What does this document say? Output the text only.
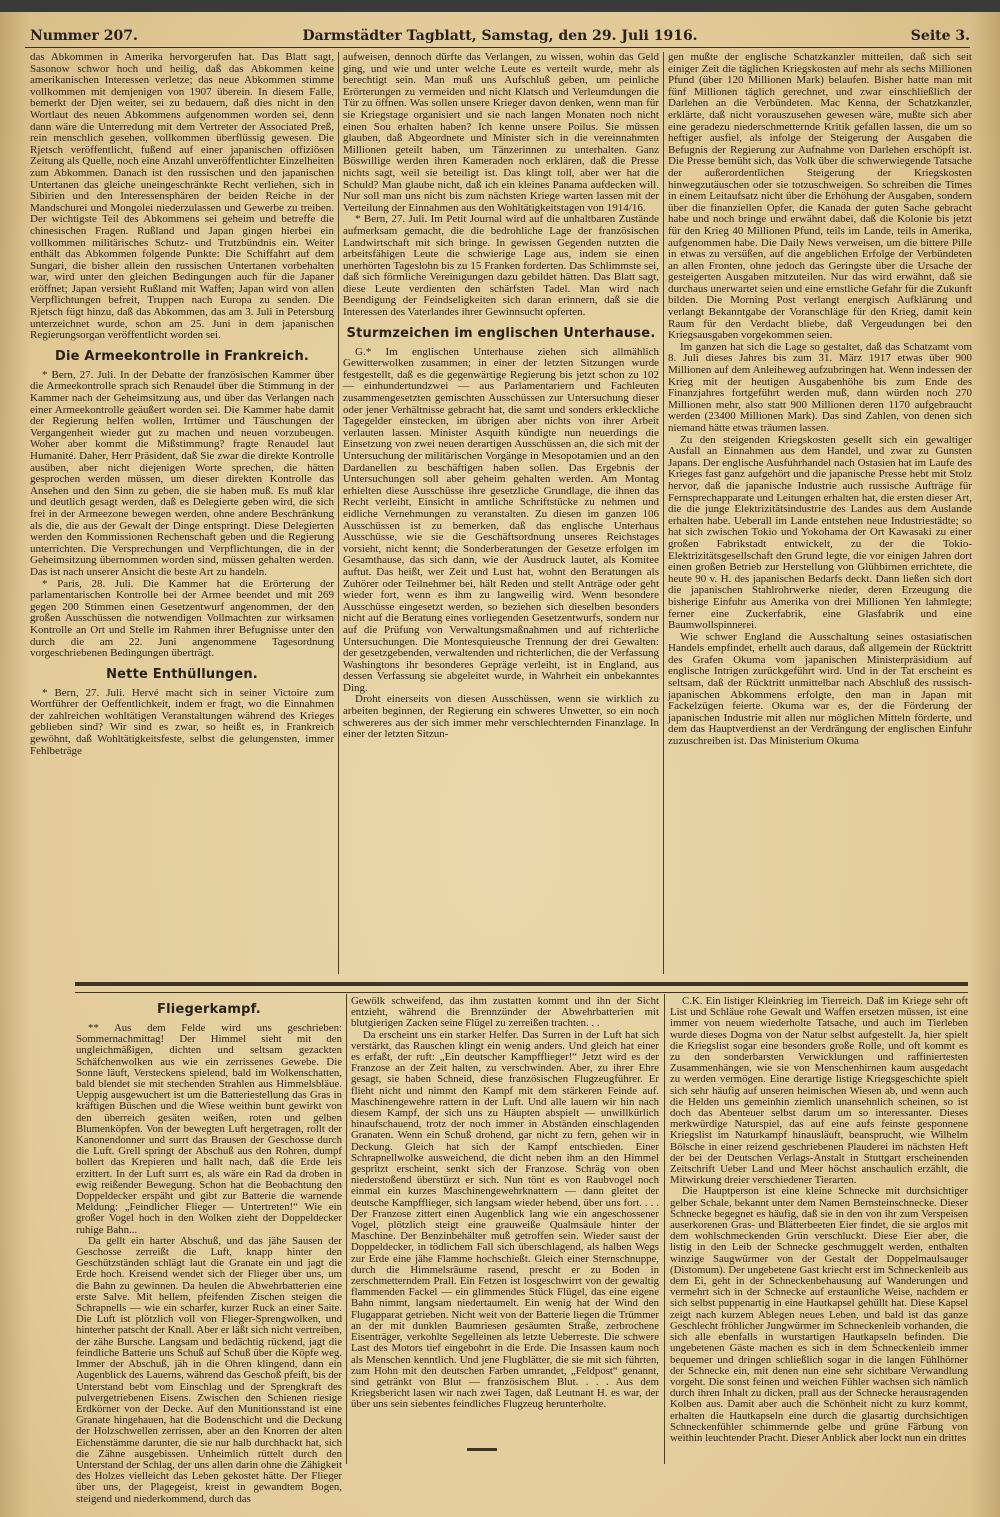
Nummer 207.	Darmstädter Tagblatt, Samstag, den 29. Juli 1916.	Seite 3.

das Abkommen in Amerika hervorgerufen hat. Das Blatt sagt, Sasonow schwor hoch und heilig, daß das Abkommen keine amerikanischen Interessen verletze; das neue Abkommen stimme vollkommen mit demjenigen von 1907 überein. In diesem Falle, bemerkt der Djen weiter, sei zu bedauern, daß dies nicht in den Wortlaut des neuen Abkommens aufgenommen worden sei, denn dann wäre die Unterredung mit dem Vertreter der Associated Preß, rein menschlich gesehen, vollkommen überflüssig gewesen. Die Rjetsch veröffentlicht, fußend auf einer japanischen offiziösen Zeitung als Quelle, noch eine Anzahl unveröffentlichter Einzelheiten zum Abkommen. Danach ist den russischen und den japanischen Untertanen das gleiche uneingeschränkte Recht verliehen, sich in Sibirien und den Interessensphären der beiden Reiche in der Mandschurei und Mongolei niederzulassen und Gewerbe zu treiben. Der wichtigste Teil des Abkommens sei geheim und betreffe die chinesischen Fragen. Rußland und Japan gingen hierbei ein vollkommen militärisches Schutz- und Trutzbündnis ein. Weiter enthält das Abkommen folgende Punkte: Die Schiffahrt auf dem Sungari, die bisher allein den russischen Untertanen vorbehalten war, wird unter den gleichen Bedingungen auch für die Japaner eröffnet; Japan versieht Rußland mit Waffen; Japan wird von allen Verpflichtungen befreit, Truppen nach Europa zu senden. Die Rjetsch fügt hinzu, daß das Abkommen, das am 3. Juli in Petersburg unterzeichnet wurde, schon am 25. Juni in dem japanischen Regierungsorgan veröffentlicht worden sei.

Die Armeekontrolle in Frankreich.

* Bern, 27. Juli. In der Debatte der französischen Kammer über die Armeekontrolle sprach sich Renaudel über die Stimmung in der Kammer nach der Geheimsitzung aus, und über das Verlangen nach einer Armeekontrolle geäußert worden sei. Die Kammer habe damit der Regierung helfen wollen, Irrtümer und Täuschungen der Vergangenheit wieder gut zu machen und neuen vorzubeugen. Woher aber kommt die Mißstimmung? fragte Renaudel laut Humanité. Daher, Herr Präsident, daß Sie zwar die direkte Kontrolle ausüben, aber nicht diejenigen Worte sprechen, die hätten gesprochen werden müssen, um dieser direkten Kontrolle das Ansehen und den Sinn zu geben, die sie haben muß. Es muß klar und deutlich gesagt werden, daß es Delegierte geben wird, die sich frei in der Armeezone bewegen werden, ohne andere Beschränkung als die, die aus der Gewalt der Dinge entspringt. Diese Delegierten werden den Kommissionen Rechenschaft geben und die Regierung unterrichten. Die Versprechungen und Verpflichtungen, die in der Geheimsitzung übernommen worden sind, müssen gehalten werden. Das ist nach unserer Ansicht die beste Art zu handeln.

* Paris, 28. Juli. Die Kammer hat die Erörterung der parlamentarischen Kontrolle bei der Armee beendet und mit 269 gegen 200 Stimmen einen Gesetzentwurf angenommen, der den großen Ausschüssen die notwendigen Vollmachten zur wirksamen Kontrolle an Ort und Stelle im Rahmen ihrer Befugnisse unter den durch die am 22. Juni angenommene Tagesordnung vorgeschriebenen Bedingungen überträgt.

Nette Enthüllungen.

* Bern, 27. Juli. Hervé macht sich in seiner Victoire zum Wortführer der Oeffentlichkeit, indem er fragt, wo die Einnahmen der zahlreichen wohltätigen Veranstaltungen während des Krieges geblieben sind? Wir sind es zwar, so heißt es, in Frankreich gewöhnt, daß Wohltätigkeitsfeste, selbst die gelungensten, immer Fehlbeträge

aufweisen, dennoch dürfte das Verlangen, zu wissen, wohin das Geld ging, und wie und unter welche Leute es verteilt wurde, mehr als berechtigt sein. Man muß uns Aufschluß geben, um peinliche Erörterungen zu vermeiden und nicht Klatsch und Verleumdungen die Tür zu öffnen. Was sollen unsere Krieger davon denken, wenn man für sie Kriegstage organisiert und sie nach langen Monaten noch nicht einen Sou erhalten haben? Ich kenne unsere Poilus. Sie müssen glauben, daß Abgeordnete und Minister sich in die vereinnahmten Millionen geteilt haben, um Tänzerinnen zu unterhalten. Ganz Böswillige werden ihren Kameraden noch erklären, daß die Presse nichts sagt, weil sie beteiligt ist. Das klingt toll, aber wer hat die Schuld? Man glaube nicht, daß ich ein kleines Panama aufdecken will. Nur soll man uns nicht bis zum nächsten Kriege warten lassen mit der Verteilung der Einnahmen aus den Wohltätigkeitstagen von 1914/16.

* Bern, 27. Juli. Im Petit Journal wird auf die unhaltbaren Zustände aufmerksam gemacht, die die bedrohliche Lage der französischen Landwirtschaft mit sich bringe. In gewissen Gegenden nutzten die arbeitsfähigen Leute die schwierige Lage aus, indem sie einen unerhörten Tageslohn bis zu 15 Franken forderten. Das Schlimmste sei, daß sich förmliche Vereinigungen dazu gebildet hätten. Das Blatt sagt, diese Leute verdienten den schärfsten Tadel. Man wird nach Beendigung der Feindseligkeiten sich daran erinnern, daß sie die Interessen des Vaterlandes ihrer Gewinnsucht opferten.

Sturmzeichen im englischen Unterhause.

G.* Im englischen Unterhause ziehen sich allmählich Gewitterwolken zusammen; in einer der letzten Sitzungen wurde festgestellt, daß es die gegenwärtige Regierung bis jetzt schon zu 102 — einhundertundzwei — aus Parlamentariern und Fachleuten zusammengesetzten gemischten Ausschüssen zur Untersuchung dieser oder jener Verhältnisse gebracht hat, die samt und sonders erkleckliche Tagegelder einstecken, im übrigen aber nichts von ihrer Arbeit verlauten lassen. Minister Asquith kündigte nun neuerdings die Einsetzung von zwei neuen derartigen Ausschüssen an, die sich mit der Untersuchung der militärischen Vorgänge in Mesopotamien und an den Dardanellen zu beschäftigen haben sollen. Das Ergebnis der Untersuchungen soll aber geheim gehalten werden. Am Montag erhielten diese Ausschüsse ihre gesetzliche Grundlage, die ihnen das Recht verleiht, Einsicht in amtliche Schriftstücke zu nehmen und eidliche Vernehmungen zu veranstalten. Zu diesen im ganzen 106 Ausschüssen ist zu bemerken, daß das englische Unterhaus Ausschüsse, wie sie die Geschäftsordnung unseres Reichstages vorsieht, nicht kennt; die Sonderberatungen der Gesetze erfolgen im Gesamthause, das sich dann, wie der Ausdruck lautet, als Komitee auftut. Das heißt, wer Zeit und Lust hat, wohnt den Beratungen als Zuhörer oder Teilnehmer bei, hält Reden und stellt Anträge oder geht wieder fort, wenn es ihm zu langweilig wird. Wenn besondere Ausschüsse eingesetzt werden, so beziehen sich dieselben besonders nicht auf die Beratung eines vorliegenden Gesetzentwurfs, sondern nur auf die Prüfung von Verwaltungsmaßnahmen und auf richterliche Untersuchungen. Die Montesquieusche Trennung der drei Gewalten: der gesetzgebenden, verwaltenden und richterlichen, die der Verfassung Washingtons ihr besonderes Gepräge verleiht, ist in England, aus dessen Verfassung sie abgeleitet wurde, in Wahrheit ein unbekanntes Ding.

Droht einerseits von diesen Ausschüssen, wenn sie wirklich zu arbeiten beginnen, der Regierung ein schweres Unwetter, so ein noch schwereres aus der sich immer mehr verschlechternden Finanzlage. In einer der letzten Sitzun-

gen mußte der englische Schatzkanzler mitteilen, daß sich seit einiger Zeit die täglichen Kriegskosten auf mehr als sechs Millionen Pfund (über 120 Millionen Mark) belaufen. Bisher hatte man mit fünf Millionen täglich gerechnet, und zwar einschließlich der Darlehen an die Verbündeten. Mac Kenna, der Schatzkanzler, erklärte, daß nicht vorauszusehen gewesen wäre, mußte sich aber eine geradezu niederschmetternde Kritik gefallen lassen, die um so heftiger ausfiel, als infolge der Steigerung der Ausgaben die Befugnis der Regierung zur Aufnahme von Darlehen erschöpft ist. Die Presse bemüht sich, das Volk über die schwerwiegende Tatsache der außerordentlichen Steigerung der Kriegskosten hinwegzutäuschen oder sie totzuschweigen. So schreiben die Times in einem Leitaufsatz nicht über die Erhöhung der Ausgaben, sondern über die finanziellen Opfer, die Kanada der guten Sache gebracht habe und noch bringe und erwähnt dabei, daß die Kolonie bis jetzt für den Krieg 40 Millionen Pfund, teils im Lande, teils in Amerika, aufgenommen habe. Die Daily News verweisen, um die bittere Pille in etwas zu versüßen, auf die angeblichen Erfolge der Verbündeten an allen Fronten, ohne jedoch das Geringste über die Ursache der gesteigerten Ausgaben mitzuteilen. Nur das wird erwähnt, daß sie durchaus unerwartet seien und eine ernstliche Gefahr für die Zukunft bilden. Die Morning Post verlangt energisch Aufklärung und verlangt Bekanntgabe der Voranschläge für den Krieg, damit kein Raum für den Verdacht bliebe, daß Vergeudungen bei den Kriegsausgaben vorgekommen seien.

Im ganzen hat sich die Lage so gestaltet, daß das Schatzamt vom 8. Juli dieses Jahres bis zum 31. März 1917 etwas über 900 Millionen auf dem Anleiheweg aufzubringen hat. Wenn indessen der Krieg mit der heutigen Ausgabenhöhe bis zum Ende des Finanzjahres fortgeführt werden muß, dann würden noch 270 Millionen mehr, also statt 900 Millionen deren 1170 aufgebraucht werden (23400 Millionen Mark). Das sind Zahlen, von denen sich niemand hätte etwas träumen lassen.

Zu den steigenden Kriegskosten gesellt sich ein gewaltiger Ausfall an Einnahmen aus dem Handel, und zwar zu Gunsten Japans. Der englische Ausfuhrhandel nach Ostasien hat im Laufe des Krieges fast ganz aufgehört und die japanische Presse hebt mit Stolz hervor, daß die japanische Industrie auch russische Aufträge für Fernsprechapparate und Leitungen erhalten hat, die ersten dieser Art, die die junge Elektrizitätsindustrie des Landes aus dem Auslande erhalten habe. Ueberall im Lande entstehen neue Industriestädte; so hat sich zwischen Tokio und Yokohama der Ort Kawasaki zu einer großen Fabrikstadt entwickelt, zu der die Tokio-Elektrizitätsgesellschaft den Grund legte, die vor einigen Jahren dort einen großen Betrieb zur Herstellung von Glühbirnen errichtete, die heute 90 v. H. des japanischen Bedarfs deckt. Dann ließen sich dort die japanischen Stahlrohrwerke nieder, deren Erzeugung die bisherige Einfuhr aus Amerika von drei Millionen Yen lahmlegte; ferner eine Zuckerfabrik, eine Glasfabrik und eine Baumwollspinnerei.

Wie schwer England die Ausschaltung seines ostasiatischen Handels empfindet, erhellt auch daraus, daß allgemein der Rücktritt des Grafen Okuma vom japanischen Ministerpräsidium auf englische Intrigen zurückgeführt wird. Und in der Tat erscheint es seltsam, daß der Rücktritt unmittelbar nach Abschluß des russisch-japanischen Abkommens erfolgte, den man in Japan mit Fackelzügen feierte. Okuma war es, der die Förderung der japanischen Industrie mit allen nur möglichen Mitteln förderte, und dem das Hauptverdienst an der Verdrängung der englischen Einfuhr zuzuschreiben ist. Das Ministerium Okuma

Fliegerkampf.

** Aus dem Felde wird uns geschrieben: Sommernachmittag! Der Himmel sieht mit den ungleichmäßigen, dichten und seltsam gezackten Schäfchenwolken aus wie ein zerrissenes Gewebe. Die Sonne läuft, Versteckens spielend, bald im Wolkenschatten, bald blendet sie mit stechenden Strahlen aus Himmelsbläue. Ueppig ausgewuchert ist um die Batteriestellung das Gras in kräftigen Büschen und die Wiese weithin bunt gewirkt von den überreich gesäten weißen, roten und gelben Blumenköpfen. Von der bewegten Luft hergetragen, rollt der Kanonendonner und surrt das Brausen der Geschosse durch die Luft. Grell springt der Abschuß aus den Rohren, dumpf bollert das Krepieren und hallt nach, daß die Erde leis erzittert. In der Luft surrt es, als wäre ein Rad da droben in ewig reißender Bewegung. Schon hat die Beobachtung den Doppeldecker erspäht und gibt zur Batterie die warnende Meldung: „Feindlicher Flieger — Untertreten!“ Wie ein großer Vogel hoch in den Wolken zieht der Doppeldecker ruhige Bahn...

Da gellt ein harter Abschuß, und das jähe Sausen der Geschosse zerreißt die Luft, knapp hinter den Geschützständen schlägt laut die Granate ein und jagt die Erde hoch. Kreisend wendet sich der Flieger über uns, um die Bahn zu gewinnen. Da heulen die Abwehrbatterien eine erste Salve. Mit hellem, pfeifenden Zischen steigen die Schrapnells — wie ein scharfer, kurzer Ruck an einer Saite. Die Luft ist plötzlich voll von Flieger-Sprengwolken, und hinterher patscht der Knall. Aber er läßt sich nicht vertreiben, der zähe Bursche. Langsam und bedächtig rückend, jagt die feindliche Batterie uns Schuß auf Schuß über die Köpfe weg. Immer der Abschuß, jäh in die Ohren klingend, dann ein Augenblick des Lauerns, während das Geschoß pfeift, bis der Unterstand bebt vom Einschlag und der Sprengkraft des pulvergetriebenen Eisens. Zwischen den Schienen riesige Erdkörner von der Decke. Auf den Munitionsstand ist eine Granate hingehauen, hat die Bodenschicht und die Deckung der Holzschwellen zerrissen, aber an den Knorren der alten Eichenstämme darunter, die sie nur halb durchhackt hat, sich die Zähne ausgebissen. Unheimlich rüttelt durch den Unterstand der Schlag, der uns allen darin ohne die Zähigkeit des Holzes vielleicht das Leben gekostet hätte. Der Flieger über uns, der Plagegeist, kreist in gewandtem Bogen, steigend und niederkommend, durch das

Gewölk schweifend, das ihm zustatten kommt und ihn der Sicht entzieht, während die Brennzünder der Abwehrbatterien mit blutgierigen Zacken seine Flügel zu zerreißen trachten. . .

Da erscheint uns ein starker Helfer. Das Surren in der Luft hat sich verstärkt, das Rauschen klingt ein wenig anders. Und gleich hat einer es erfaßt, der ruft: „Ein deutscher Kampfflieger!“ Jetzt wird es der Franzose an der Zeit halten, zu verschwinden. Aber, zu ihrer Ehre gesagt, sie haben Schneid, diese französischen Flugzeugführer. Er flieht nicht und nimmt den Kampf mit dem stärkeren Feinde auf. Maschinengewehre rattern in der Luft. Und alle lauern wir hin nach diesem Kampf, der sich uns zu Häupten abspielt — unwillkürlich hinaufschauend, trotz der noch immer in Abständen einschlagenden Granaten. Wenn ein Schuß drohend, gar nicht zu fern, gehen wir in Deckung. Gleich hat sich der Kampf entschieden. Einer Schrapnellwolke ausweichend, die dicht neben ihm an den Himmel gespritzt erscheint, senkt sich der Franzose. Schräg von oben niederstoßend überstürzt er sich. Nun tönt es von Raubvogel noch einmal ein kurzes Maschinengewehrknattern — dann gleitet der deutsche Kampfflieger, sich langsam wieder hebend, über uns fort. . . . Der Franzose zittert einen Augenblick lang wie ein angeschossener Vogel, plötzlich steigt eine grauweiße Qualmsäule hinter der Maschine. Der Benzinbehälter muß getroffen sein. Wieder saust der Doppeldecker, in tödlichem Fall sich überschlagend, als halben Wegs zur Erde eine jähe Flamme hochschießt. Gleich einer Sternschnuppe, durch die Himmelsräume rasend, prescht er zu Boden in zerschmetterndem Prall. Ein Fetzen ist losgeschwirrt von der gewaltig flammenden Fackel — ein glimmendes Stück Flügel, das eine eigene Bahn nimmt, langsam niedertaumelt. Ein wenig hat der Wind den Flugapparat getrieben. Nicht weit von der Batterie liegen die Trümmer an der mit dunklen Baumriesen gesäumten Straße, zerbrochene Eisenträger, verkohlte Segelleinen als letzte Ueberreste. Die schwere Last des Motors tief eingebohrt in die Erde. Die Insassen kaum noch als Menschen kenntlich. Und jene Flugblätter, die sie mit sich führten, zum Hohn mit den deutschen Farben umrandet, „Feldpost“ genannt, sind getränkt von Blut — französischem Blut. . . . Aus dem Kriegsbericht lasen wir nach zwei Tagen, daß Leutnant H. es war, der über uns sein siebentes feindliches Flugzeug herunterholte.

C.K. Ein listiger Kleinkrieg im Tierreich. Daß im Kriege sehr oft List und Schläue rohe Gewalt und Waffen ersetzen müssen, ist eine immer von neuem wiederholte Tatsache, und auch im Tierleben wurde dieses Dogma von der Natur selbst aufgestellt. Ja, hier spielt die Kriegslist sogar eine besonders große Rolle, und oft kommt es zu den sonderbarsten Verwicklungen und raffiniertesten Zusammenhängen, wie sie von Menschenhirnen kaum ausgedacht zu werden vermögen. Eine derartige listige Kriegsgeschichte spielt sich sehr häufig auf unseren heimischen Wiesen ab, und wenn auch die Helden uns gemeinhin ziemlich unansehnlich scheinen, so ist doch das Abenteuer selbst darum um so interessanter. Dieses merkwürdige Naturspiel, das auf eine aufs feinste gesponnene Kriegslist im Naturkampf hinausläuft, beansprucht, wie Wilhelm Bölsche in einer reizend geschriebenen Plauderei im nächsten Heft der bei der Deutschen Verlags-Anstalt in Stuttgart erscheinenden Zeitschrift Ueber Land und Meer höchst anschaulich erzählt, die Mitwirkung dreier verschiedener Tierarten.

Die Hauptperson ist eine kleine Schnecke mit durchsichtiger gelber Schale, bekannt unter dem Namen Bernsteinschnecke. Dieser Schnecke begegnet es häufig, daß sie in den von ihr zum Verspeisen auserkorenen Gras- und Blätterbeeten Eier findet, die sie arglos mit dem wohlschmeckenden Grün verschluckt. Diese Eier aber, die listig in den Leib der Schnecke geschmuggelt werden, enthalten winzige Saugwürmer von der Gestalt der Doppelmaulsauger (Distomum). Der ungebetene Gast kriecht erst im Schneckenleib aus dem Ei, geht in der Schneckenbehausung auf Wanderungen und vermehrt sich in der Schnecke auf erstaunliche Weise, nachdem er sich selbst puppenartig in eine Hautkapsel gehüllt hat. Diese Kapsel zeigt nach kurzem Ablegen neues Leben, und bald ist das ganze Geschlecht fröhlicher Jungwürmer im Schneckenleib vorhanden, die sich alle ebenfalls in wurstartigen Hautkapseln befinden. Die ungebetenen Gäste machen es sich in dem Schneckenleib immer bequemer und dringen schließlich sogar in die langen Fühlhörner der Schnecke ein, mit denen nun eine sehr sichtbare Verwandlung vorgeht. Die sonst feinen und weichen Fühler wachsen sich nämlich durch ihren Inhalt zu dicken, prall aus der Schnecke herausragenden Kolben aus. Damit aber auch die Schönheit nicht zu kurz kommt, erhalten die Hautkapseln eine durch die glasartig durchsichtigen Schneckenfühler schimmernde gelbe und grüne Färbung von weithin leuchtender Pracht. Dieser Anblick aber lockt nun ein drittes
